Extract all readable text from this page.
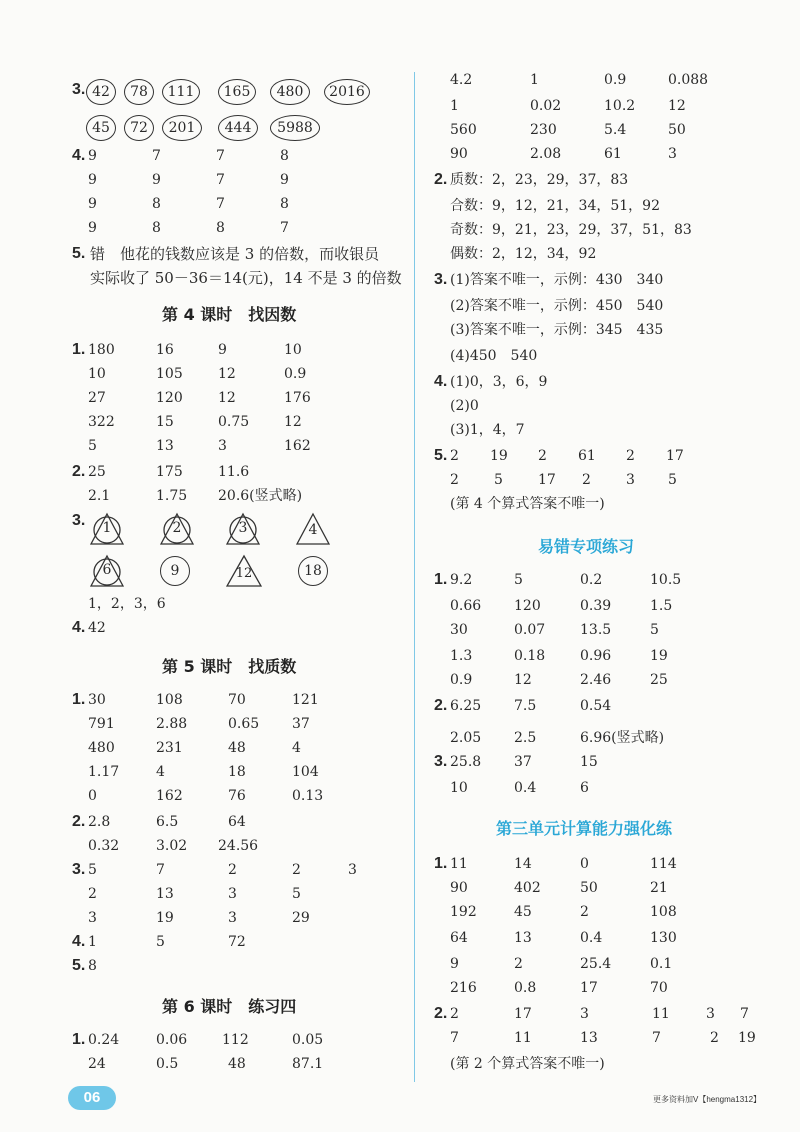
3. 42	78	111	165	480	2016
45	72	201	444	5988
4. 9	7	7	8
9	9	7	9
9	8	7	8
9	8	8	7
5. 错　他花的钱数应该是 3 的倍数，而收银员
实际收了 50－36＝14(元)，14 不是 3 的倍数
第 4 课时　找因数
1. 180	16	9	10
10	105	12	0.9
27	120	12	176
322	15	0.75 12
5	13	3	162
2. 25	175	11.6
2.1	1.75 20.6(竖式略)
3.	1	2	3	4
6	9	12	18
1，2，3，6
4. 42
第 5 课时　找质数
1. 30	108	70	121
791	2.88	0.65 37
480	231	48	4
1.17	4	18	104
0	162	76	0.13
2. 2.8	6.5	64
0.32	3.02 24.56
3. 5	7	2	2	3
2	13	3	5
3	19	3	29
4. 1	5	72
5. 8
第 6 课时　练习四
1. 0.24	0.06 112	0.05
24	0.5	48	87.1
4.2	1	0.9	0.088
1	0.02	10.2 12
560	230	5.4	50
90	2.08	61	3
2. 质数：2，23，29，37，83
合数：9，12，21，34，51，92
奇数：9，21，23，29，37，51，83
偶数：2，12，34，92
3. (1)答案不唯一，示例：430　340
(2)答案不唯一，示例：450　540
(3)答案不唯一，示例：345　435
(4)450　540
4. (1)0，3，6，9
(2)0
(3)1，4，7
5. 2 19 2 61 2 17
2	5	17 2	3 5
(第 4 个算式答案不唯一)
易错专项练习
1. 9.2	5	0.2	10.5
0.66 120	0.39	1.5
30	0.07 13.5	5
1.3	0.18 0.96	19
0.9	12	2.46	25
2. 6.25 7.5	0.54
2.05 2.5	6.96(竖式略)
3. 25.8 37	15
10	0.4	6
第三单元计算能力强化练
1. 11	14	0	114
90	402	50	21
192	45	2	108
64	13	0.4	130
9	2	25.4	0.1
216	0.8	17	70
2. 2	17	3	11	3 7
7	11	13	7	2 19
(第 2 个算式答案不唯一)
06	更多资料加V【hengma1312】
